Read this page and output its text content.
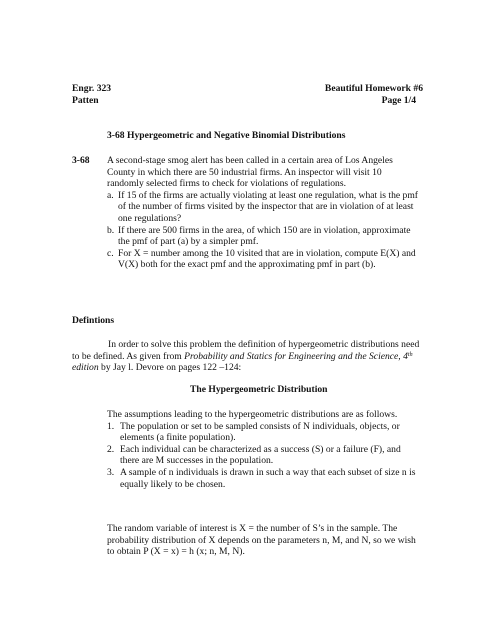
Engr. 323
Patten
Beautiful Homework #6
Page 1/4
3-68 Hypergeometric and Negative Binomial Distributions
3-68 A second-stage smog alert has been called in a certain area of Los Angeles
County in which there are 50 industrial firms. An inspector will visit 10
randomly selected firms to check for violations of regulations.
a. If 15 of the firms are actually violating at least one regulation, what is the pmf
of the number of firms visited by the inspector that are in violation of at least
one regulations?
b. If there are 500 firms in the area, of which 150 are in violation, approximate
the pmf of part (a) by a simpler pmf.
c. For X = number among the 10 visited that are in violation, compute E(X) and
V(X) both for the exact pmf and the approximating pmf in part (b).
Defintions
In order to solve this problem the definition of hypergeometric distributions need
to be defined. As given from Probability and Statics for Engineering and the Science, 4th
edition by Jay l. Devore on pages 122 –124:
The Hypergeometric Distribution
The assumptions leading to the hypergeometric distributions are as follows.
1. The population or set to be sampled consists of N individuals, objects, or
elements (a finite population).
2. Each individual can be characterized as a success (S) or a failure (F), and
there are M successes in the population.
3. A sample of n individuals is drawn in such a way that each subset of size n is
equally likely to be chosen.
The random variable of interest is X = the number of S’s in the sample. The
probability distribution of X depends on the parameters n, M, and N, so we wish
to obtain P (X = x) = h (x; n, M, N).
